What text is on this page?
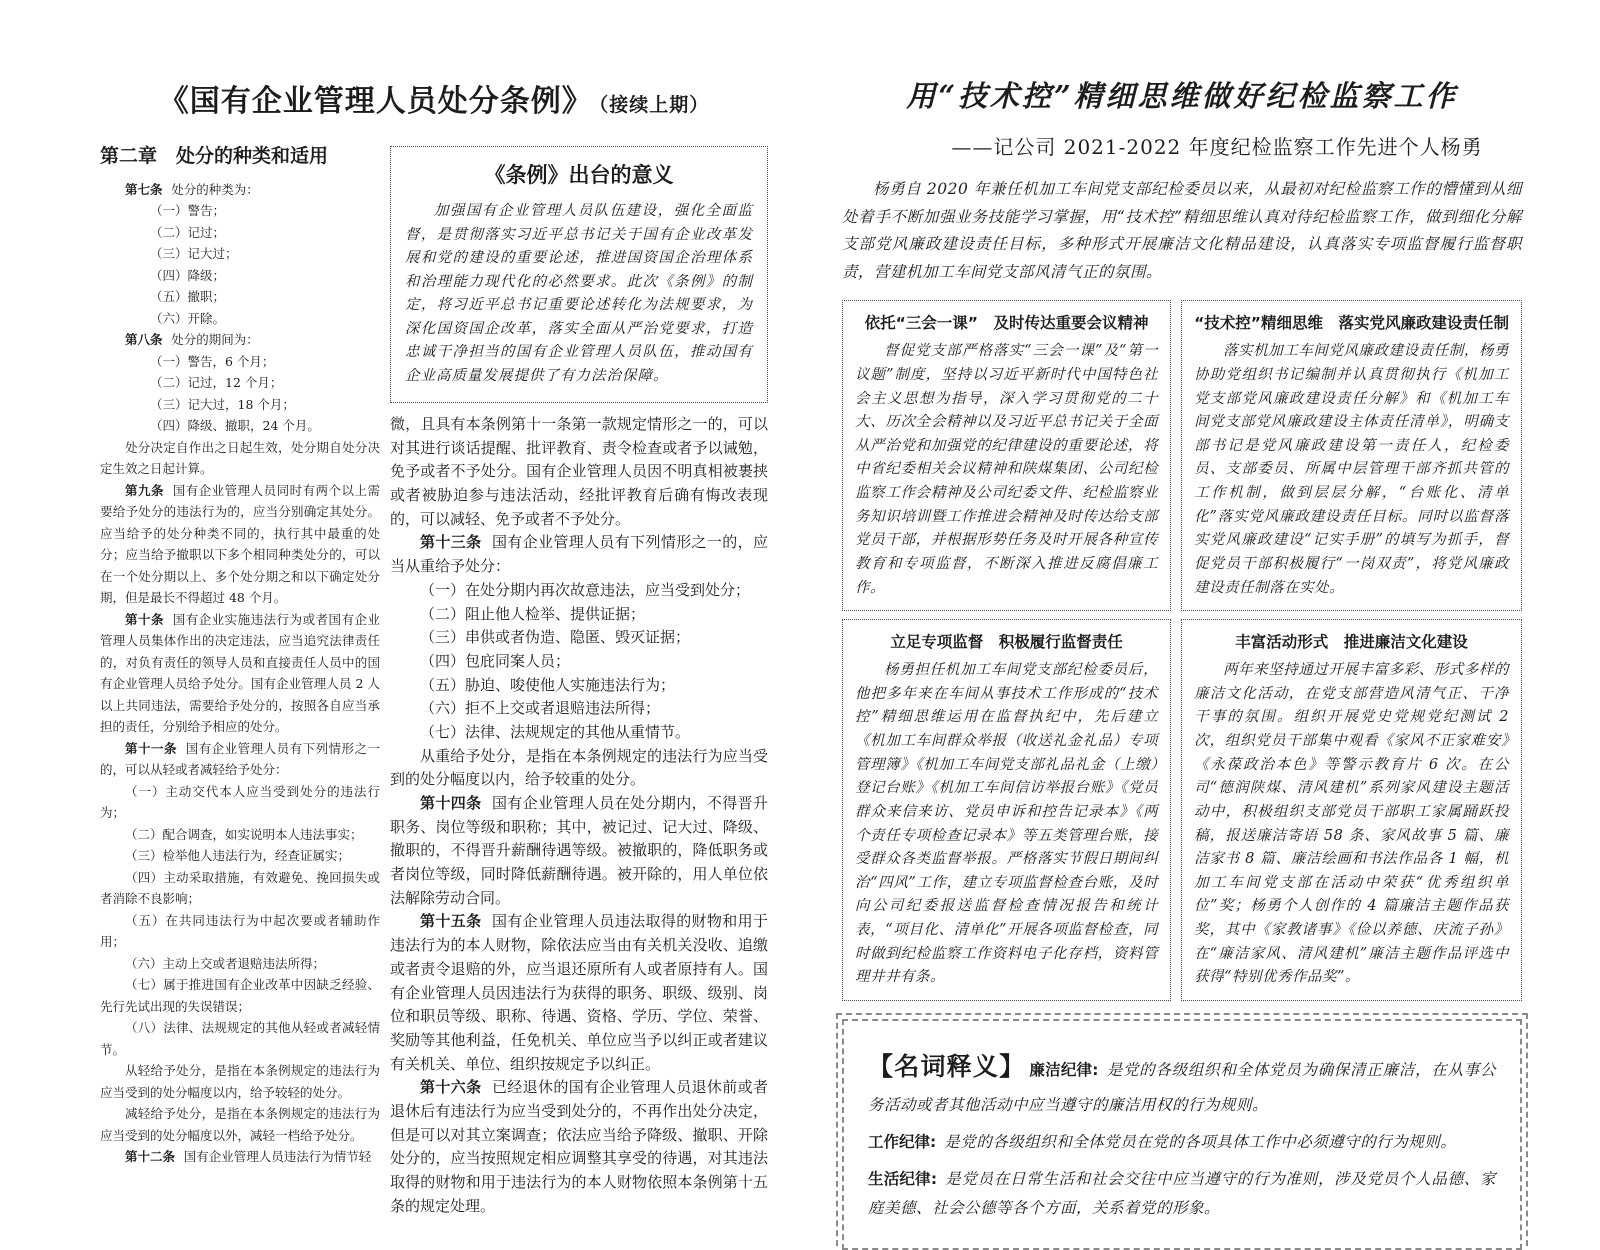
《国有企业管理人员处分条例》 （接续上期）
第二章　处分的种类和适用

第七条 处分的种类为：

（一）警告；

（二）记过；

（三）记大过；

（四）降级；

（五）撤职；

（六）开除。

第八条 处分的期间为：

（一）警告，6 个月；

（二）记过，12 个月；

（三）记大过，18 个月；

（四）降级、撤职，24 个月。

处分决定自作出之日起生效，处分期自处分决定生效之日起计算。

第九条 国有企业管理人员同时有两个以上需要给予处分的违法行为的，应当分别确定其处分。应当给予的处分种类不同的，执行其中最重的处分；应当给予撤职以下多个相同种类处分的，可以在一个处分期以上、多个处分期之和以下确定处分期，但是最长不得超过 48 个月。

第十条 国有企业实施违法行为或者国有企业管理人员集体作出的决定违法，应当追究法律责任的，对负有责任的领导人员和直接责任人员中的国有企业管理人员给予处分。国有企业管理人员 2 人以上共同违法，需要给予处分的，按照各自应当承担的责任，分别给予相应的处分。

第十一条 国有企业管理人员有下列情形之一的，可以从轻或者减轻给予处分：

（一）主动交代本人应当受到处分的违法行为；

（二）配合调查，如实说明本人违法事实；

（三）检举他人违法行为，经查证属实；

（四）主动采取措施，有效避免、挽回损失或者消除不良影响；

（五）在共同违法行为中起次要或者辅助作用；

（六）主动上交或者退赔违法所得；

（七）属于推进国有企业改革中因缺乏经验、先行先试出现的失误错误；

（八）法律、法规规定的其他从轻或者减轻情节。

从轻给予处分，是指在本条例规定的违法行为应当受到的处分幅度以内，给予较轻的处分。

减轻给予处分，是指在本条例规定的违法行为应当受到的处分幅度以外，减轻一档给予处分。

第十二条 国有企业管理人员违法行为情节轻

《条例》出台的意义

加强国有企业管理人员队伍建设，强化全面监督，是贯彻落实习近平总书记关于国有企业改革发展和党的建设的重要论述，推进国资国企治理体系和治理能力现代化的必然要求。此次《条例》的制定，将习近平总书记重要论述转化为法规要求，为深化国资国企改革，落实全面从严治党要求，打造忠诚干净担当的国有企业管理人员队伍，推动国有企业高质量发展提供了有力法治保障。

微，且具有本条例第十一条第一款规定情形之一的，可以对其进行谈话提醒、批评教育、责令检查或者予以诫勉，免予或者不予处分。国有企业管理人员因不明真相被裹挟或者被胁迫参与违法活动，经批评教育后确有悔改表现的，可以减轻、免予或者不予处分。

第十三条 国有企业管理人员有下列情形之一的，应当从重给予处分：

（一）在处分期内再次故意违法，应当受到处分；

（二）阻止他人检举、提供证据；

（三）串供或者伪造、隐匿、毁灭证据；

（四）包庇同案人员；

（五）胁迫、唆使他人实施违法行为；

（六）拒不上交或者退赔违法所得；

（七）法律、法规规定的其他从重情节。

从重给予处分，是指在本条例规定的违法行为应当受到的处分幅度以内，给予较重的处分。

第十四条 国有企业管理人员在处分期内，不得晋升职务、岗位等级和职称；其中，被记过、记大过、降级、撤职的，不得晋升薪酬待遇等级。被撤职的，降低职务或者岗位等级，同时降低薪酬待遇。被开除的，用人单位依法解除劳动合同。

第十五条 国有企业管理人员违法取得的财物和用于违法行为的本人财物，除依法应当由有关机关没收、追缴或者责令退赔的外，应当退还原所有人或者原持有人。国有企业管理人员因违法行为获得的职务、职级、级别、岗位和职员等级、职称、待遇、资格、学历、学位、荣誉、奖励等其他利益，任免机关、单位应当予以纠正或者建议有关机关、单位、组织按规定予以纠正。

第十六条 已经退休的国有企业管理人员退休前或者退休后有违法行为应当受到处分的，不再作出处分决定，但是可以对其立案调查；依法应当给予降级、撤职、开除处分的，应当按照规定相应调整其享受的待遇，对其违法取得的财物和用于违法行为的本人财物依照本条例第十五条的规定处理。

用“技术控”精细思维做好纪检监察工作
——记公司 2021-2022 年度纪检监察工作先进个人杨勇

杨勇自 2020 年兼任机加工车间党支部纪检委员以来，从最初对纪检监察工作的懵懂到从细处着手不断加强业务技能学习掌握，用“技术控”精细思维认真对待纪检监察工作，做到细化分解支部党风廉政建设责任目标，多种形式开展廉洁文化精品建设，认真落实专项监督履行监督职责，营建机加工车间党支部风清气正的氛围。

依托“三会一课”　及时传达重要会议精神

督促党支部严格落实“三会一课”及“第一议题”制度，坚持以习近平新时代中国特色社会主义思想为指导，深入学习贯彻党的二十大、历次全会精神以及习近平总书记关于全面从严治党和加强党的纪律建设的重要论述，将中省纪委相关会议精神和陕煤集团、公司纪检监察工作会精神及公司纪委文件、纪检监察业务知识培训暨工作推进会精神及时传达给支部党员干部，并根据形势任务及时开展各种宣传教育和专项监督，不断深入推进反腐倡廉工作。

“技术控”精细思维　落实党风廉政建设责任制

落实机加工车间党风廉政建设责任制，杨勇协助党组织书记编制并认真贯彻执行《机加工党支部党风廉政建设责任分解》和《机加工车间党支部党风廉政建设主体责任清单》，明确支部书记是党风廉政建设第一责任人，纪检委员、支部委员、所属中层管理干部齐抓共管的工作机制，做到层层分解，“台账化、清单化”落实党风廉政建设责任目标。同时以监督落实党风廉政建设“记实手册”的填写为抓手，督促党员干部积极履行“一岗双责”，将党风廉政建设责任制落在实处。

立足专项监督　积极履行监督责任

杨勇担任机加工车间党支部纪检委员后，他把多年来在车间从事技术工作形成的“技术控”精细思维运用在监督执纪中，先后建立《机加工车间群众举报（收送礼金礼品）专项管理簿》《机加工车间党支部礼品礼金（上缴）登记台账》《机加工车间信访举报台账》《党员群众来信来访、党员申诉和控告记录本》《两个责任专项检查记录本》等五类管理台账，接受群众各类监督举报。严格落实节假日期间纠治“四风”工作，建立专项监督检查台账，及时向公司纪委报送监督检查情况报告和统计表，“项目化、清单化”开展各项监督检查，同时做到纪检监察工作资料电子化存档，资料管理井井有条。

丰富活动形式　推进廉洁文化建设

两年来坚持通过开展丰富多彩、形式多样的廉洁文化活动，在党支部营造风清气正、干净干事的氛围。组织开展党史党规党纪测试 2 次，组织党员干部集中观看《家风不正家难安》《永葆政治本色》等警示教育片 6 次。在公司“德润陕煤、清风建机”系列家风建设主题活动中，积极组织支部党员干部职工家属踊跃投稿，报送廉洁寄语 58 条、家风故事 5 篇、廉洁家书 8 篇、廉洁绘画和书法作品各 1 幅，机加工车间党支部在活动中荣获“优秀组织单位”奖；杨勇个人创作的 4 篇廉洁主题作品获奖，其中《家教诸事》《俭以养德、庆流子孙》在“廉洁家风、清风建机”廉洁主题作品评选中获得“特别优秀作品奖”。

【名词释义】 廉洁纪律: 是党的各级组织和全体党员为确保清正廉洁，在从事公务活动或者其他活动中应当遵守的廉洁用权的行为规则。

工作纪律: 是党的各级组织和全体党员在党的各项具体工作中必须遵守的行为规则。

生活纪律: 是党员在日常生活和社会交往中应当遵守的行为准则，涉及党员个人品德、家庭美德、社会公德等各个方面，关系着党的形象。
